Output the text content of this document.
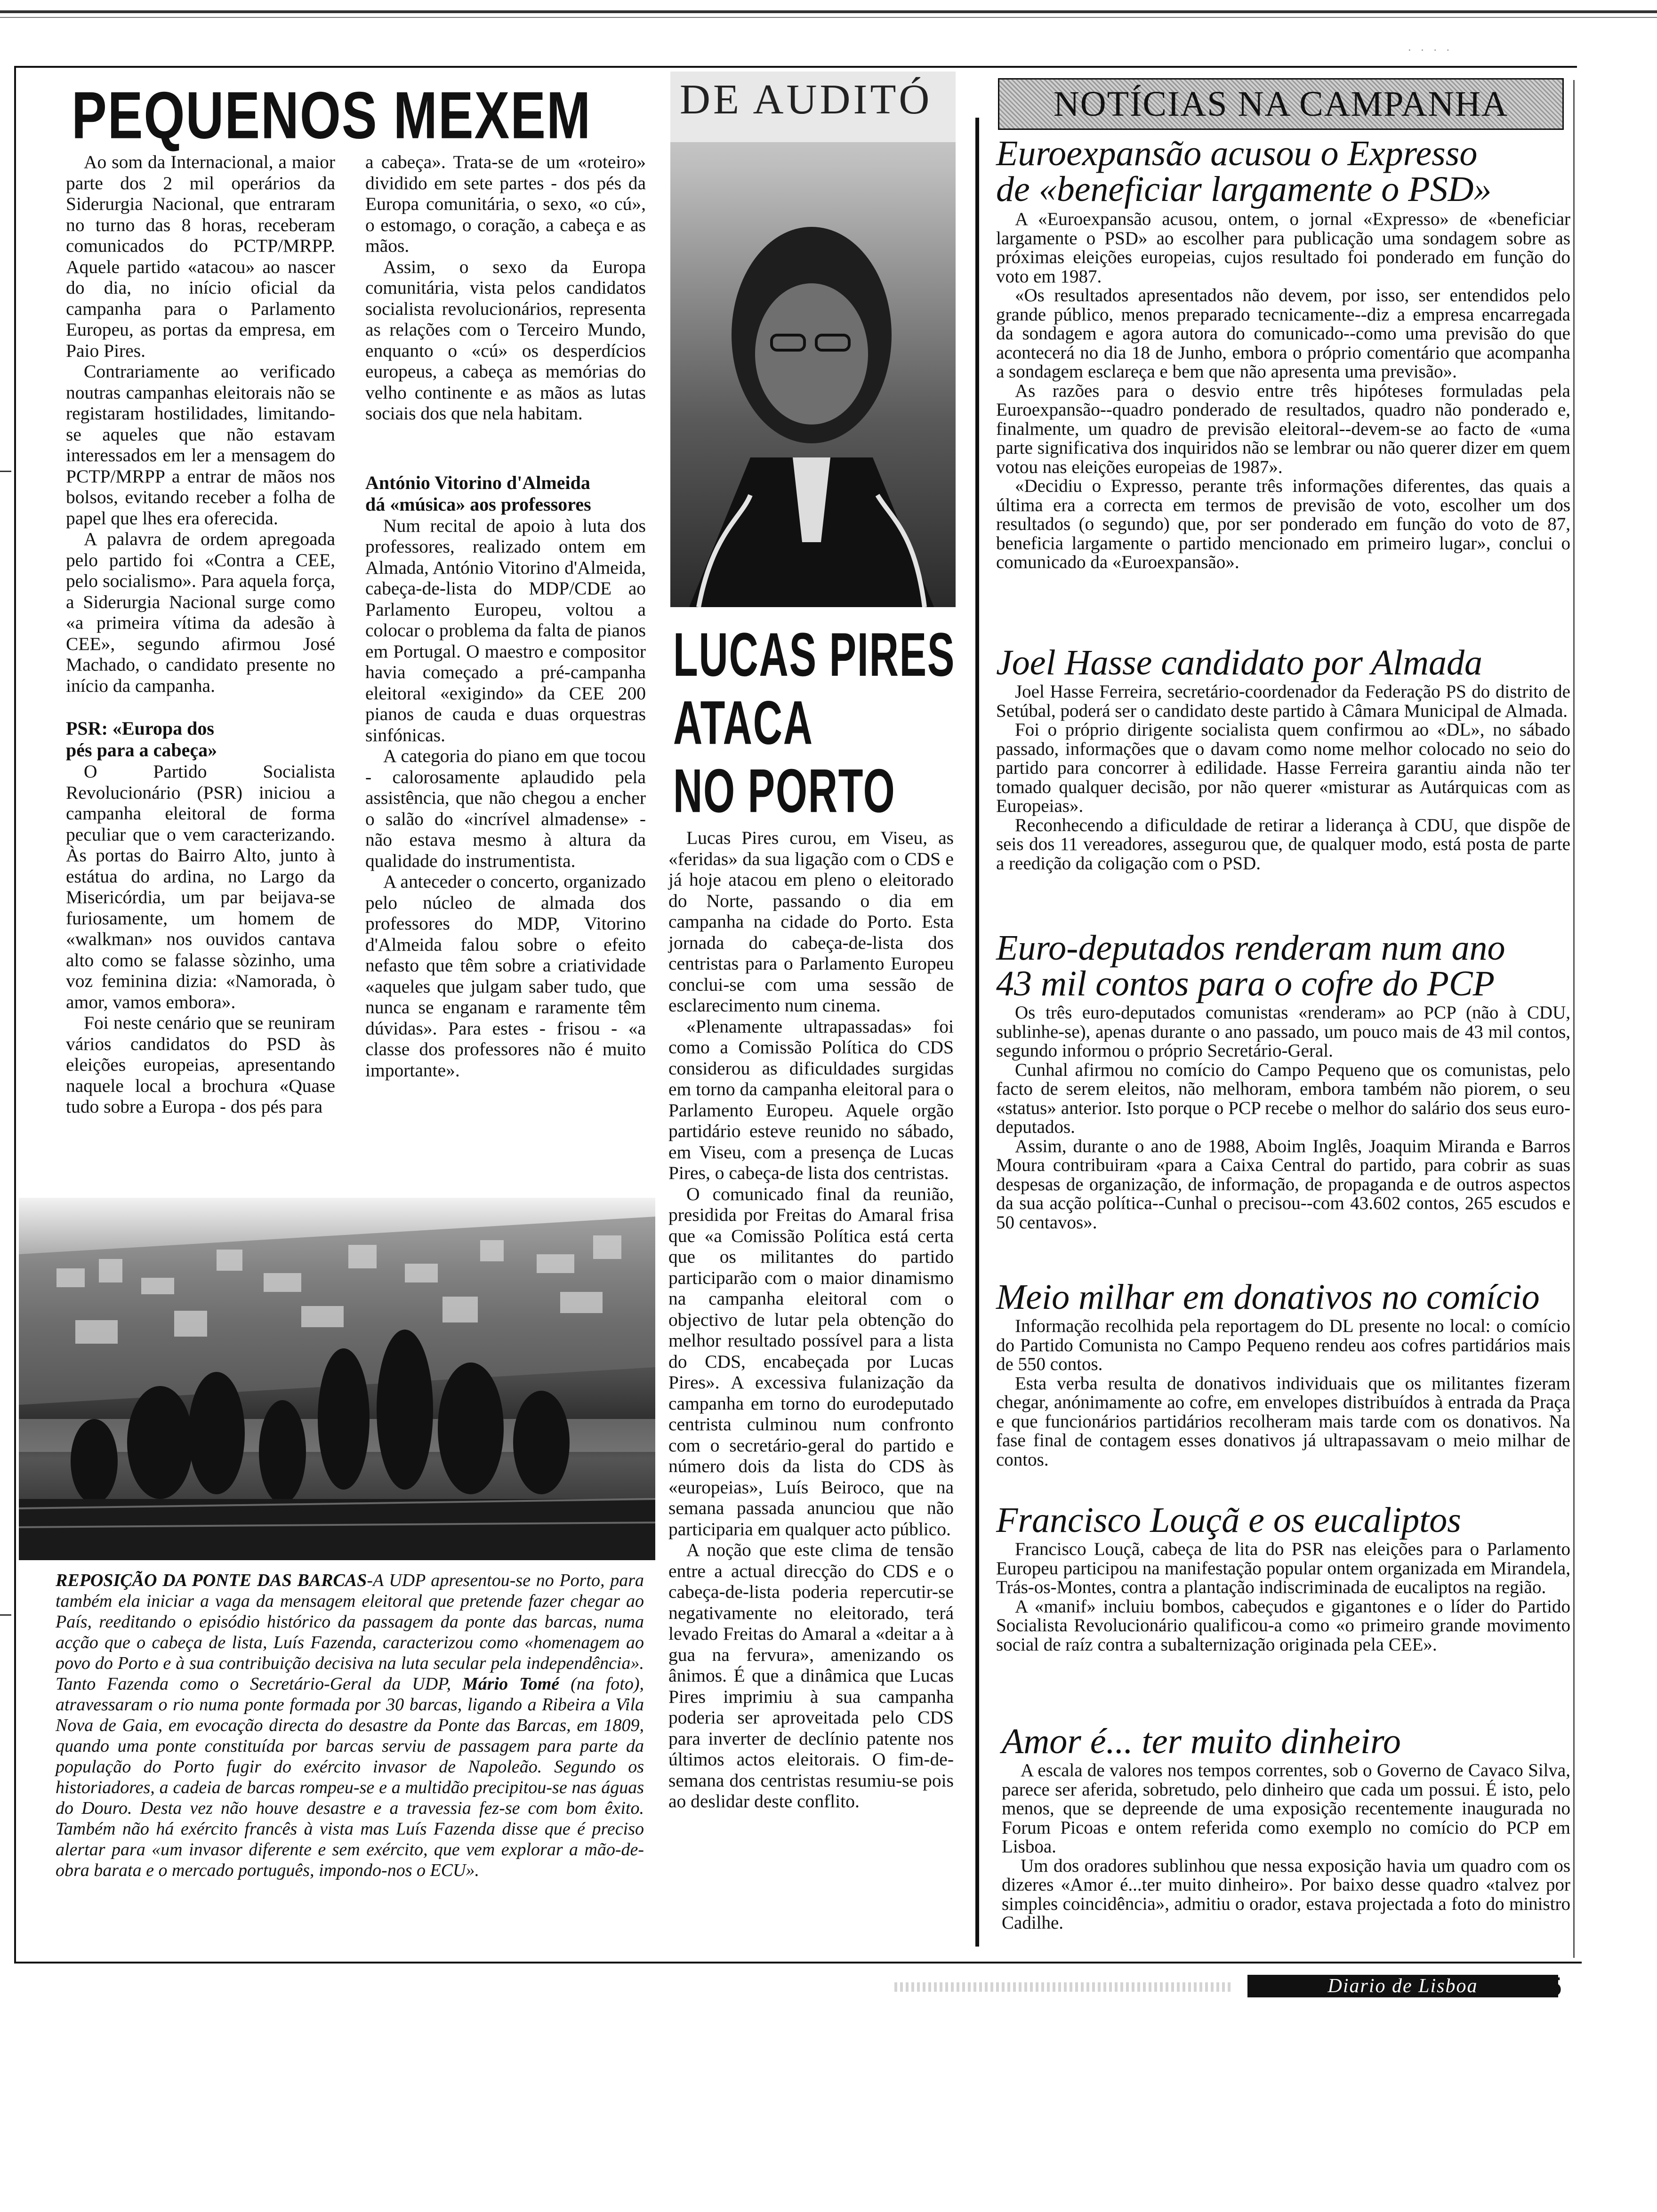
· · · ·
PEQUENOS MEXEM

Ao som da Internacional, a maior parte dos 2 mil operários da Siderurgia Nacional, que entraram no turno das 8 horas, receberam comunicados do PCTP/MRPP. Aquele partido «atacou» ao nascer do dia, no início oficial da campanha para o Parlamento Europeu, as portas da empresa, em Paio Pires.

Contrariamente ao verificado noutras campanhas eleitorais não se registaram hostilidades, limitando-se aqueles que não estavam interessados em ler a mensagem do PCTP/MRPP a entrar de mãos nos bolsos, evitando receber a folha de papel que lhes era oferecida.

A palavra de ordem apregoada pelo partido foi «Contra a CEE, pelo socialismo». Para aquela força, a Siderurgia Nacional surge como «a primeira vítima da adesão à CEE», segundo afirmou José Machado, o candidato presente no início da campanha.

PSR: «Europa dos
pés para a cabeça»

O Partido Socialista Revolucionário (PSR) iniciou a campanha eleitoral de forma peculiar que o vem caracterizando. Às portas do Bairro Alto, junto à estátua do ardina, no Largo da Misericórdia, um par beijava-se furiosamente, um homem de «walkman» nos ouvidos cantava alto como se falasse sòzinho, uma voz feminina dizia: «Namorada, ò amor, vamos embora».

Foi neste cenário que se reuniram vários candidatos do PSD às eleições europeias, apresentando naquele local a brochura «Quase tudo sobre a Europa - dos pés para

a cabeça». Trata-se de um «roteiro» dividido em sete partes - dos pés da Europa comunitária, o sexo, «o cú», o estomago, o coração, a cabeça e as mãos.

Assim, o sexo da Europa comunitária, vista pelos candidatos socialista revolucionários, representa as relações com o Terceiro Mundo, enquanto o «cú» os desperdícios europeus, a cabeça as memórias do velho continente e as mãos as lutas sociais dos que nela habitam.

António Vitorino d'Almeida
dá «música» aos professores

Num recital de apoio à luta dos professores, realizado ontem em Almada, António Vitorino d'Almeida, cabeça-de-lista do MDP/CDE ao Parlamento Europeu, voltou a colocar o problema da falta de pianos em Portugal. O maestro e compositor havia começado a pré-campanha eleitoral «exigindo» da CEE 200 pianos de cauda e duas orquestras sinfónicas.

A categoria do piano em que tocou - calorosamente aplaudido pela assistência, que não chegou a encher o salão do «incrível almadense» - não estava mesmo à altura da qualidade do instrumentista.

A anteceder o concerto, organizado pelo núcleo de almada dos professores do MDP, Vitorino d'Almeida falou sobre o efeito nefasto que têm sobre a criatividade «aqueles que julgam saber tudo, que nunca se enganam e raramente têm dúvidas». Para estes - frisou - «a classe dos professores não é muito importante».

REPOSIÇÃO DA PONTE DAS BARCAS-A UDP apresentou-se no Porto, para também ela iniciar a vaga da mensagem eleitoral que pretende fazer chegar ao País, reeditando o episódio histórico da passagem da ponte das barcas, numa acção que o cabeça de lista, Luís Fazenda, caracterizou como «homenagem ao povo do Porto e à sua contribuição decisiva na luta secular pela independência». Tanto Fazenda como o Secretário-Geral da UDP, Mário Tomé (na foto), atravessaram o rio numa ponte formada por 30 barcas, ligando a Ribeira a Vila Nova de Gaia, em evocação directa do desastre da Ponte das Barcas, em 1809, quando uma ponte constituída por barcas serviu de passagem para parte da população do Porto fugir do exército invasor de Napoleão. Segundo os historiadores, a cadeia de barcas rompeu-se e a multidão precipitou-se nas águas do Douro. Desta vez não houve desastre e a travessia fez-se com bom êxito. Também não há exército francês à vista mas Luís Fazenda disse que é preciso alertar para «um invasor diferente e sem exército, que vem explorar a mão-de-obra barata e o mercado português, impondo-nos o ECU».
DE AUDITÓ
LUCAS PIRES
ATACA
NO PORTO

Lucas Pires curou, em Viseu, as «feridas» da sua ligação com o CDS e já hoje atacou em pleno o eleitorado do Norte, passando o dia em campanha na cidade do Porto. Esta jornada do cabeça-de-lista dos centristas para o Parlamento Europeu conclui-se com uma sessão de esclarecimento num cinema.

«Plenamente ultrapassadas» foi como a Comissão Política do CDS considerou as dificuldades surgidas em torno da campanha eleitoral para o Parlamento Europeu. Aquele orgão partidário esteve reunido no sábado, em Viseu, com a presença de Lucas Pires, o cabeça-de lista dos centristas.

O comunicado final da reunião, presidida por Freitas do Amaral frisa que «a Comissão Política está certa que os militantes do partido participarão com o maior dinamismo na campanha eleitoral com o objectivo de lutar pela obtenção do melhor resultado possível para a lista do CDS, encabeçada por Lucas Pires». A excessiva fulanização da campanha em torno do eurodeputado centrista culminou num confronto com o secretário-geral do partido e número dois da lista do CDS às «europeias», Luís Beiroco, que na semana passada anunciou que não participaria em qualquer acto público.

A noção que este clima de tensão entre a actual direcção do CDS e o cabeça-de-lista poderia repercutir-se negativamente no eleitorado, terá levado Freitas do Amaral a «deitar a à gua na fervura», amenizando os ânimos. É que a dinâmica que Lucas Pires imprimiu à sua campanha poderia ser aproveitada pelo CDS para inverter de declínio patente nos últimos actos eleitorais. O fim-de-semana dos centristas resumiu-se pois ao deslidar deste conflito.

NOTÍCIAS NA CAMPANHA
Euroexpansão acusou o Expresso
de «beneficiar largamente o PSD»

A «Euroexpansão acusou, ontem, o jornal «Expresso» de «beneficiar largamente o PSD» ao escolher para publicação uma sondagem sobre as próximas eleições europeias, cujos resultado foi ponderado em função do voto em 1987.

«Os resultados apresentados não devem, por isso, ser entendidos pelo grande público, menos preparado tecnicamente--diz a empresa encarregada da sondagem e agora autora do comunicado--como uma previsão do que acontecerá no dia 18 de Junho, embora o próprio comentário que acompanha a sondagem esclareça e bem que não apresenta uma previsão».

As razões para o desvio entre três hipóteses formuladas pela Euroexpansão--quadro ponderado de resultados, quadro não ponderado e, finalmente, um quadro de previsão eleitoral--devem-se ao facto de «uma parte significativa dos inquiridos não se lembrar ou não querer dizer em quem votou nas eleições europeias de 1987».

«Decidiu o Expresso, perante três informações diferentes, das quais a última era a correcta em termos de previsão de voto, escolher um dos resultados (o segundo) que, por ser ponderado em função do voto de 87, beneficia largamente o partido mencionado em primeiro lugar», conclui o comunicado da «Euroexpansão».

Joel Hasse candidato por Almada

Joel Hasse Ferreira, secretário-coordenador da Federação PS do distrito de Setúbal, poderá ser o candidato deste partido à Câmara Municipal de Almada.

Foi o próprio dirigente socialista quem confirmou ao «DL», no sábado passado, informações que o davam como nome melhor colocado no seio do partido para concorrer à edilidade. Hasse Ferreira garantiu ainda não ter tomado qualquer decisão, por não querer «misturar as Autárquicas com as Europeias».

Reconhecendo a dificuldade de retirar a liderança à CDU, que dispõe de seis dos 11 vereadores, assegurou que, de qualquer modo, está posta de parte a reedição da coligação com o PSD.

Euro-deputados renderam num ano
43 mil contos para o cofre do PCP

Os três euro-deputados comunistas «renderam» ao PCP (não à CDU, sublinhe-se), apenas durante o ano passado, um pouco mais de 43 mil contos, segundo informou o próprio Secretário-Geral.

Cunhal afirmou no comício do Campo Pequeno que os comunistas, pelo facto de serem eleitos, não melhoram, embora também não piorem, o seu «status» anterior. Isto porque o PCP recebe o melhor do salário dos seus euro-deputados.

Assim, durante o ano de 1988, Aboim Inglês, Joaquim Miranda e Barros Moura contribuiram «para a Caixa Central do partido, para cobrir as suas despesas de organização, de informação, de propaganda e de outros aspectos da sua acção política--Cunhal o precisou--com 43.602 contos, 265 escudos e 50 centavos».

Meio milhar em donativos no comício

Informação recolhida pela reportagem do DL presente no local: o comício do Partido Comunista no Campo Pequeno rendeu aos cofres partidários mais de 550 contos.

Esta verba resulta de donativos individuais que os militantes fizeram chegar, anónimamente ao cofre, em envelopes distribuídos à entrada da Praça e que funcionários partidários recolheram mais tarde com os donativos. Na fase final de contagem esses donativos já ultrapassavam o meio milhar de contos.

Francisco Louçã e os eucaliptos

Francisco Louçã, cabeça de lita do PSR nas eleições para o Parlamento Europeu participou na manifestação popular ontem organizada em Mirandela, Trás-os-Montes, contra a plantação indiscriminada de eucaliptos na região.

A «manif» incluiu bombos, cabeçudos e gigantones e o líder do Partido Socialista Revolucionário qualificou-a como «o primeiro grande movimento social de raíz contra a subalternização originada pela CEE».

Amor é... ter muito dinheiro

A escala de valores nos tempos correntes, sob o Governo de Cavaco Silva, parece ser aferida, sobretudo, pelo dinheiro que cada um possui. É isto, pelo menos, que se depreende de uma exposição recentemente inaugurada no Forum Picoas e ontem referida como exemplo no comício do PCP em Lisboa.

Um dos oradores sublinhou que nessa exposição havia um quadro com os dizeres «Amor é...ter muito dinheiro». Por baixo desse quadro «talvez por simples coincidência», admitiu o orador, estava projectada a foto do ministro Cadilhe.

Diario de Lisboa	5
